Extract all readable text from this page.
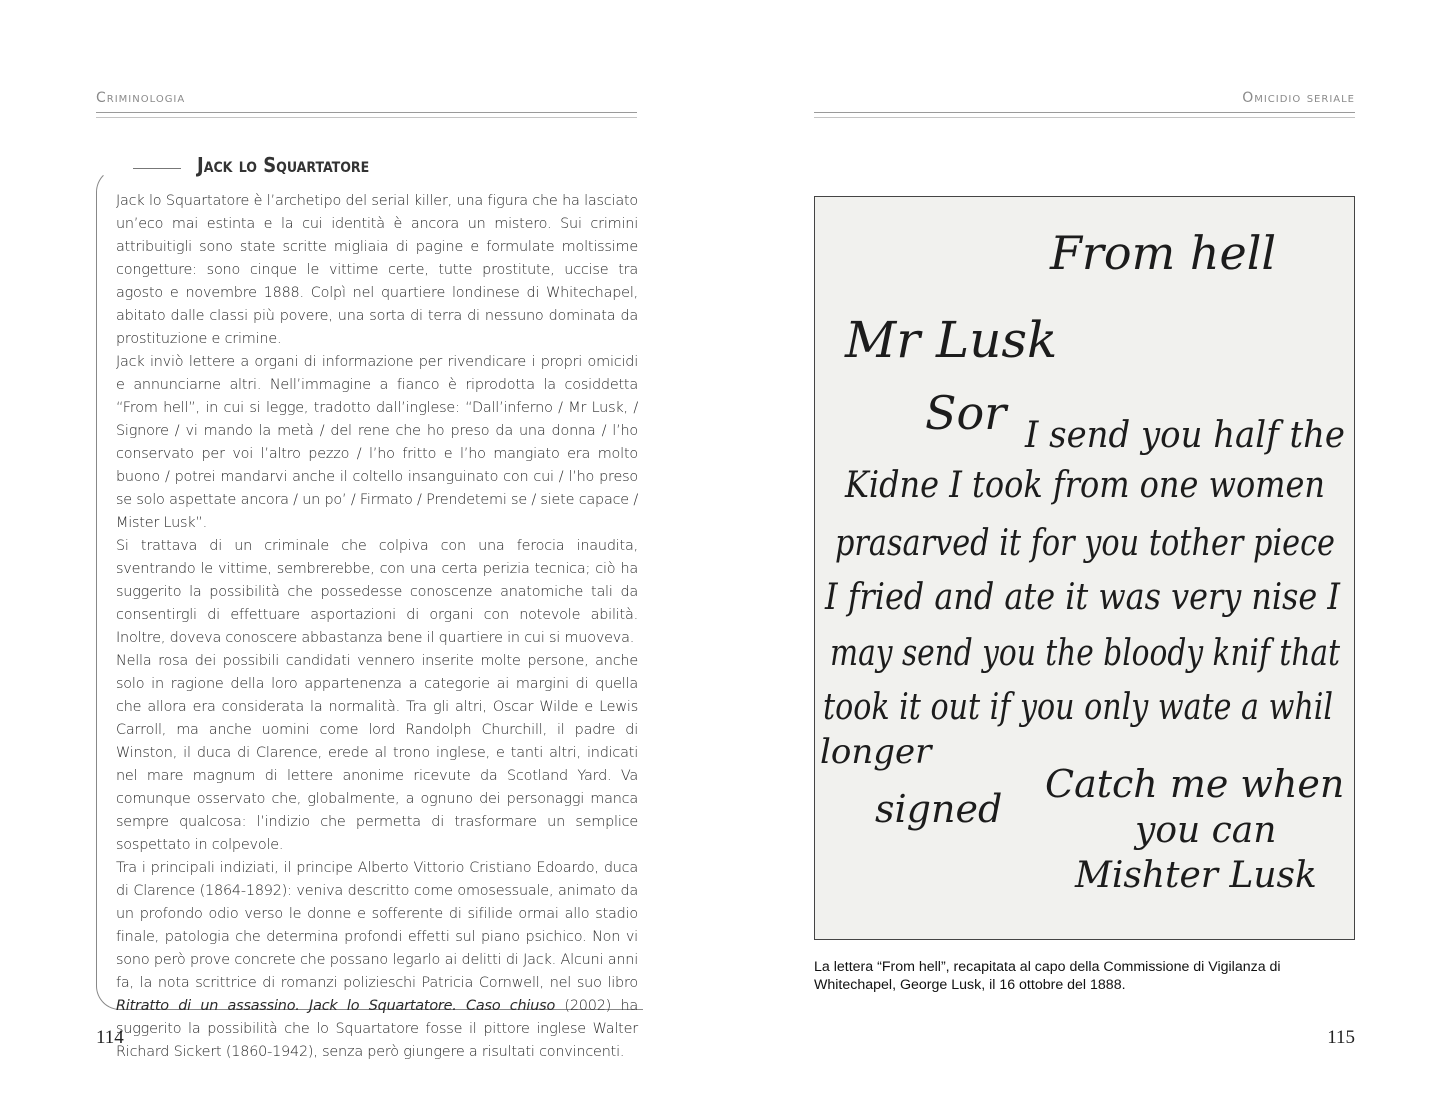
Criminologia
Jack lo Squartatore

Jack lo Squartatore è l’archetipo del serial killer, una figura che ha lasciato un’eco mai estinta e la cui identità è ancora un mistero. Sui crimini attribuitigli sono state scritte migliaia di pagine e formulate moltissime congetture: sono cinque le vittime certe, tutte prostitute, uccise tra agosto e novembre 1888. Colpì nel quartiere londinese di Whitechapel, abitato dalle classi più povere, una sorta di terra di nessuno dominata da prostituzione e crimine.

Jack inviò lettere a organi di informazione per rivendicare i propri omicidi e annunciarne altri. Nell’immagine a fianco è riprodotta la cosiddetta “From hell”, in cui si legge, tradotto dall’inglese: “Dall’inferno / Mr Lusk, / Signore / vi mando la metà / del rene che ho preso da una donna / l’ho conservato per voi l’altro pezzo / l’ho fritto e l’ho mangiato era molto buono / potrei mandarvi anche il coltello insanguinato con cui / l’ho preso se solo aspettate ancora / un po’ / Firmato / Prendetemi se / siete capace / Mister Lusk”.

Si trattava di un criminale che colpiva con una ferocia inaudita, sventrando le vittime, sembrerebbe, con una certa perizia tecnica; ciò ha suggerito la possibilità che possedesse conoscenze anatomiche tali da consentirgli di effettuare asportazioni di organi con notevole abilità. Inoltre, doveva conoscere abbastanza bene il quartiere in cui si muoveva.

Nella rosa dei possibili candidati vennero inserite molte persone, anche solo in ragione della loro appartenenza a categorie ai margini di quella che allora era considerata la normalità. Tra gli altri, Oscar Wilde e Lewis Carroll, ma anche uomini come lord Randolph Churchill, il padre di Winston, il duca di Clarence, erede al trono inglese, e tanti altri, indicati nel mare magnum di lettere anonime ricevute da Scotland Yard. Va comunque osservato che, globalmente, a ognuno dei personaggi manca sempre qualcosa: l’indizio che permetta di trasformare un semplice sospettato in colpevole.

Tra i principali indiziati, il principe Alberto Vittorio Cristiano Edoardo, duca di Clarence (1864-1892): veniva descritto come omosessuale, animato da un profondo odio verso le donne e sofferente di sifilide ormai allo stadio finale, patologia che determina profondi effetti sul piano psichico. Non vi sono però prove concrete che possano legarlo ai delitti di Jack. Alcuni anni fa, la nota scrittrice di romanzi polizieschi Patricia Cornwell, nel suo libro Ritratto di un assassino. Jack lo Squartatore. Caso chiuso (2002) ha suggerito la possibilità che lo Squartatore fosse il pittore inglese Walter Richard Sickert (1860-1942), senza però giungere a risultati convincenti.

114
Omicidio seriale
From hell
Mr Lusk
Sor I send you half the
Kidne I took from one women
prasarved it for you tother piece
I fried and ate it was very nise I
may send you the bloody knif that
took it out if you only wate a whil
longer
signed
Catch me when
you can
Mishter Lusk
La lettera “From hell”, recapitata al capo della Commissione di Vigilanza di Whitechapel, George Lusk, il 16 ottobre del 1888.
115
